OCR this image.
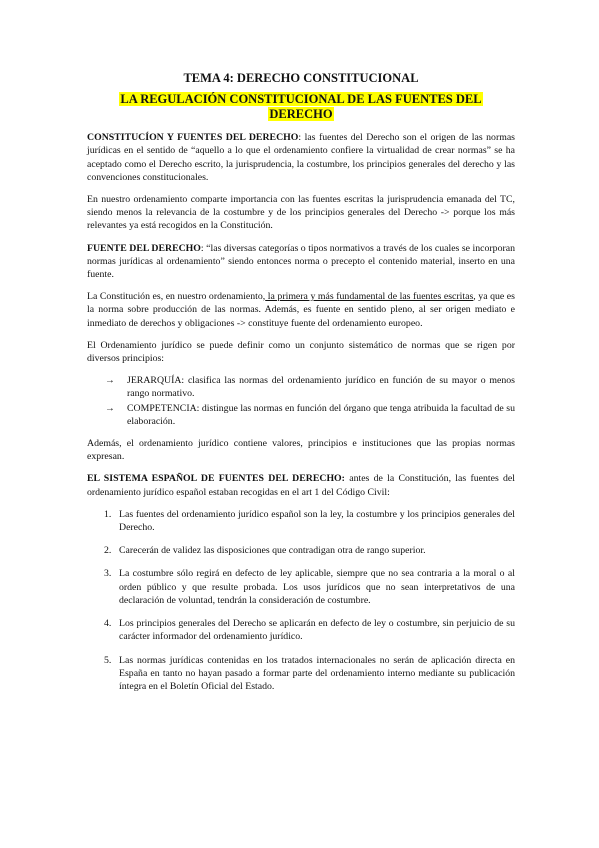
TEMA 4: DERECHO CONSTITUCIONAL
LA REGULACIÓN CONSTITUCIONAL DE LAS FUENTES DEL
DERECHO

CONSTITUCÍON Y FUENTES DEL DERECHO: las fuentes del Derecho son el origen de las normas jurídicas en el sentido de “aquello a lo que el ordenamiento confiere la virtualidad de crear normas” se ha aceptado como el Derecho escrito, la jurisprudencia, la costumbre, los principios generales del derecho y las convenciones constitucionales.

En nuestro ordenamiento comparte importancia con las fuentes escritas la jurisprudencia emanada del TC, siendo menos la relevancia de la costumbre y de los principios generales del Derecho -> porque los más relevantes ya está recogidos en la Constitución.

FUENTE DEL DERECHO: “las diversas categorías o tipos normativos a través de los cuales se incorporan normas jurídicas al ordenamiento” siendo entonces norma o precepto el contenido material, inserto en una fuente.

La Constitución es, en nuestro ordenamiento, la primera y más fundamental de las fuentes escritas, ya que es la norma sobre producción de las normas. Además, es fuente en sentido pleno, al ser origen mediato e inmediato de derechos y obligaciones -> constituye fuente del ordenamiento europeo.

El Ordenamiento jurídico se puede definir como un conjunto sistemático de normas que se rigen por diversos principios:

→ JERARQUÍA: clasifica las normas del ordenamiento jurídico en función de su mayor o menos rango normativo.
→ COMPETENCIA: distingue las normas en función del órgano que tenga atribuida la facultad de su elaboración.

Además, el ordenamiento jurídico contiene valores, principios e instituciones que las propias normas expresan.

EL SISTEMA ESPAÑOL DE FUENTES DEL DERECHO: antes de la Constitución, las fuentes del ordenamiento jurídico español estaban recogidas en el art 1 del Código Civil:

1. Las fuentes del ordenamiento jurídico español son la ley, la costumbre y los principios generales del Derecho.
2. Carecerán de validez las disposiciones que contradigan otra de rango superior.
3. La costumbre sólo regirá en defecto de ley aplicable, siempre que no sea contraria a la moral o al orden público y que resulte probada. Los usos jurídicos que no sean interpretativos de una declaración de voluntad, tendrán la consideración de costumbre.
4. Los principios generales del Derecho se aplicarán en defecto de ley o costumbre, sin perjuicio de su carácter informador del ordenamiento jurídico.
5. Las normas jurídicas contenidas en los tratados internacionales no serán de aplicación directa en España en tanto no hayan pasado a formar parte del ordenamiento interno mediante su publicación íntegra en el Boletín Oficial del Estado.
